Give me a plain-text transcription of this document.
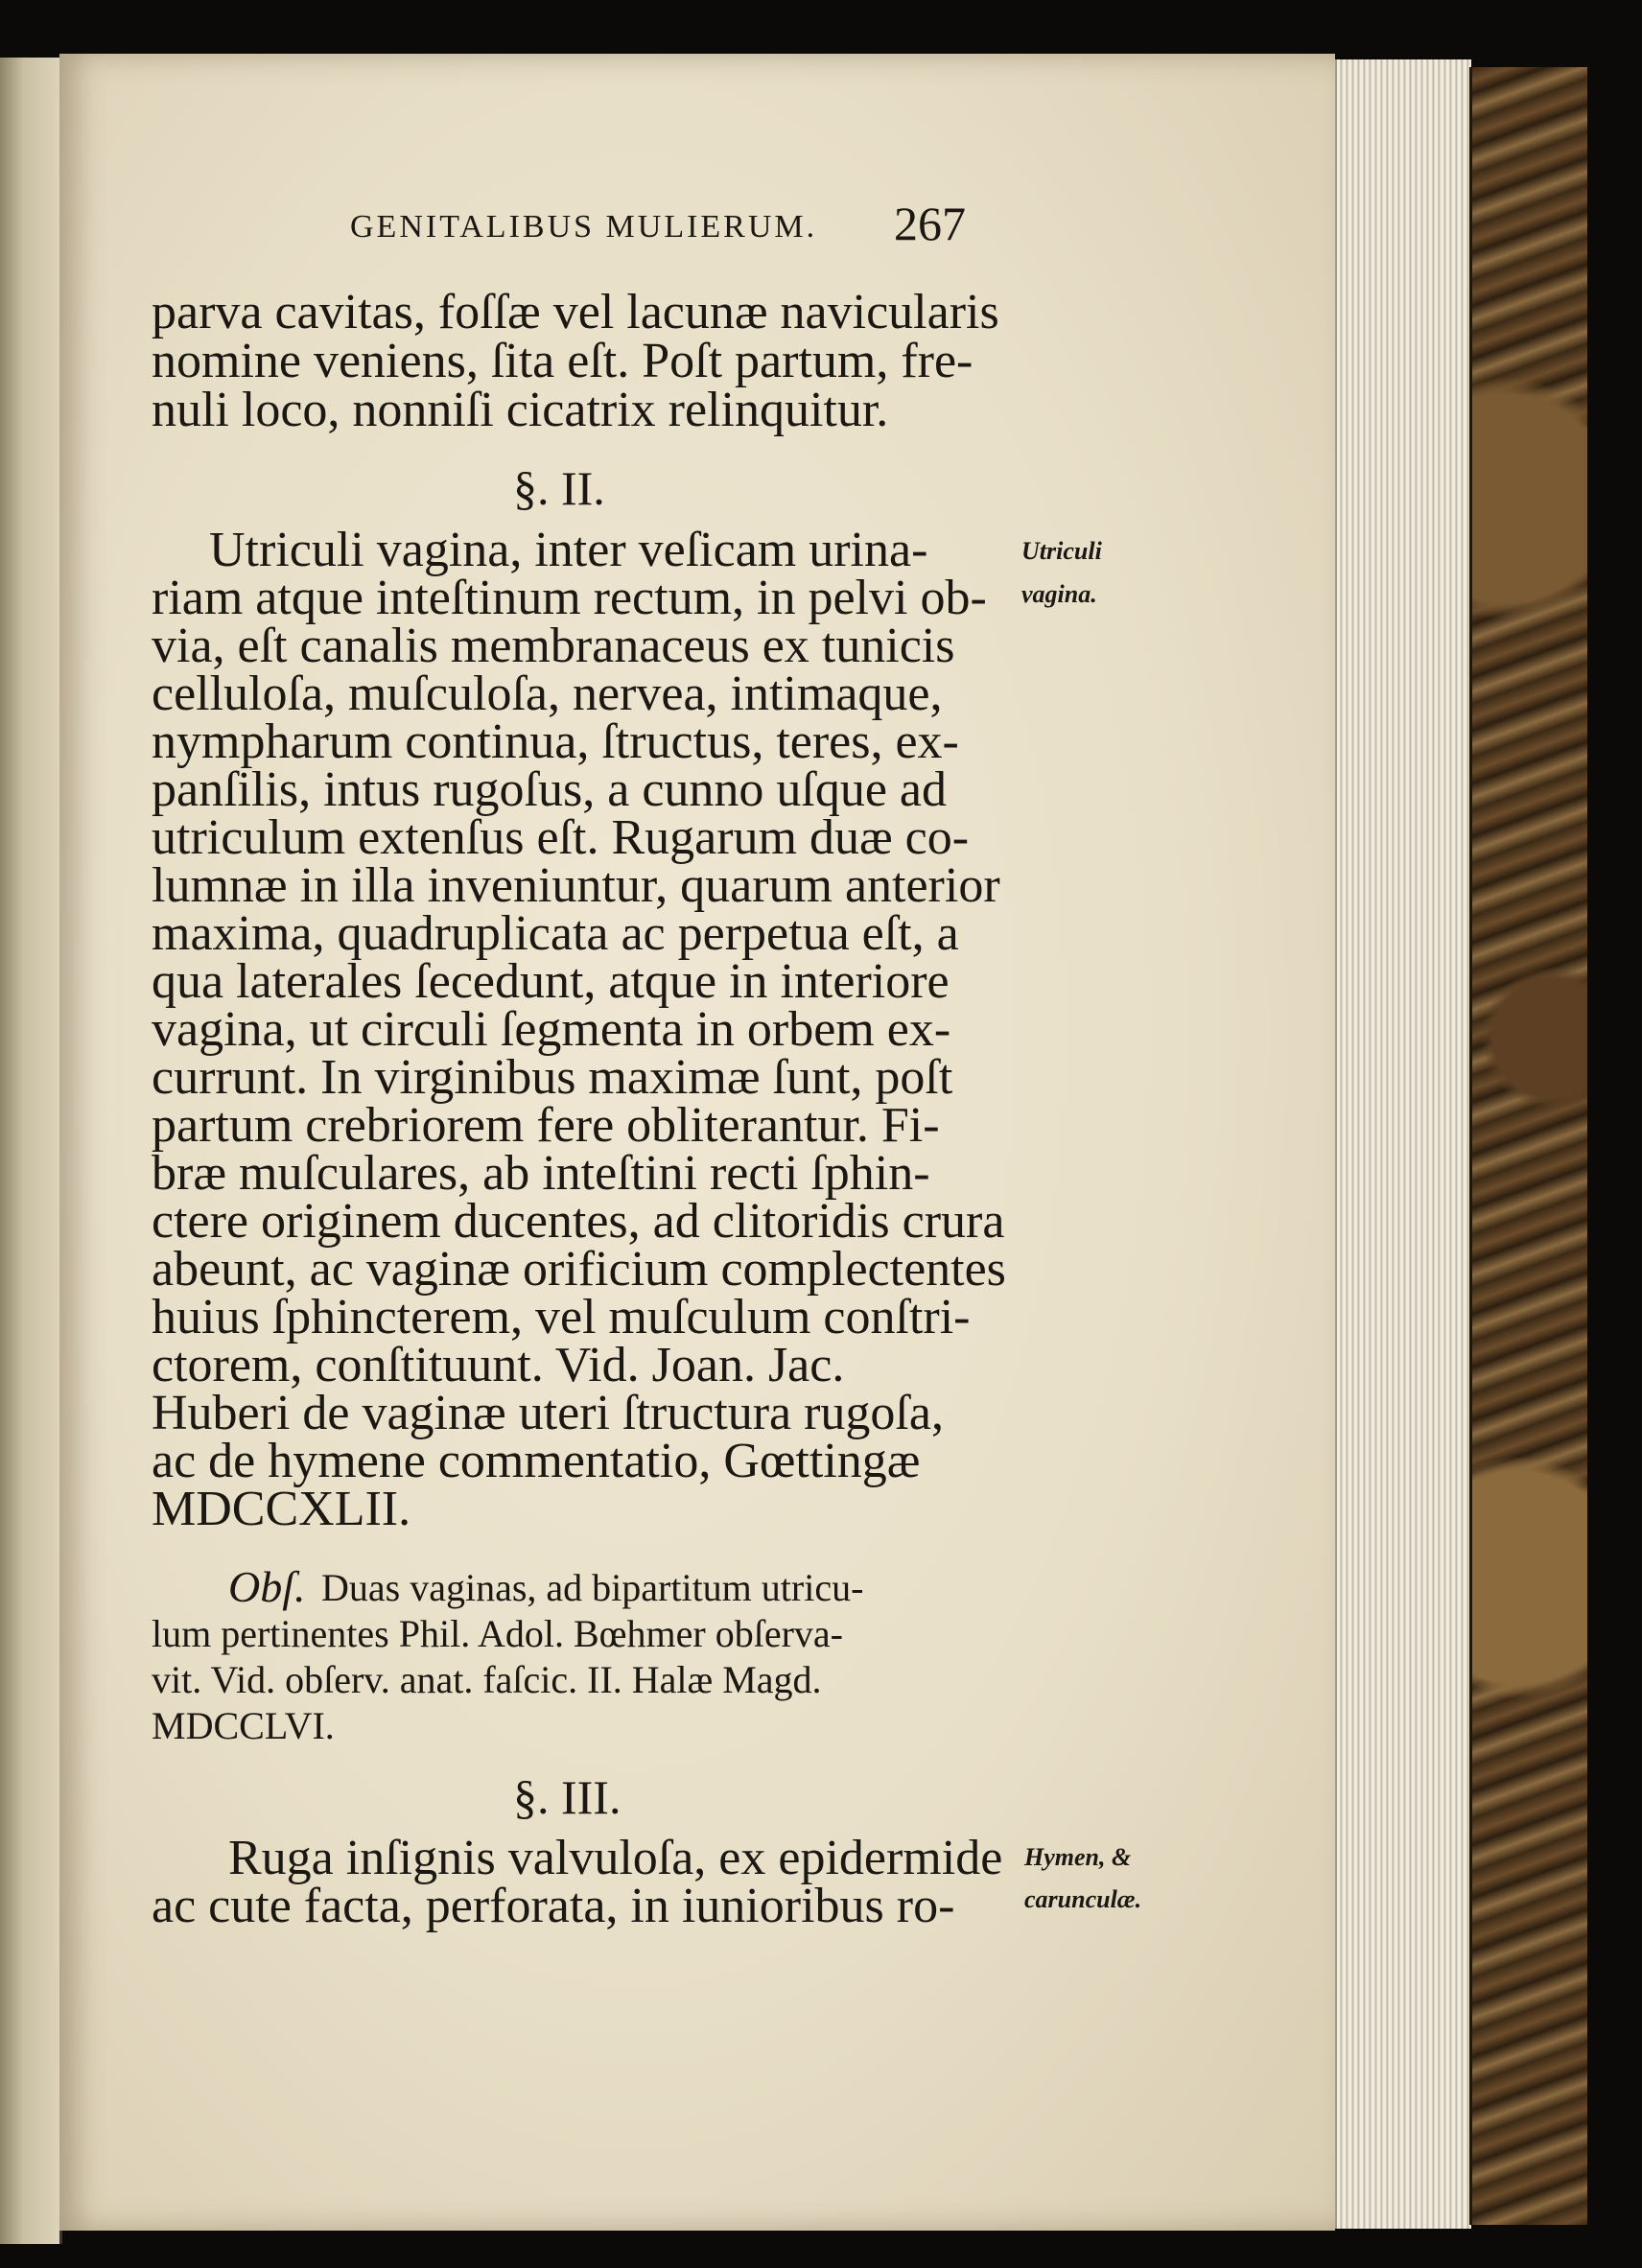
GENITALIBUS MULIERUM. 267
parva cavitas, foſſæ vel lacunæ navicularis
nomine veniens, ſita eſt. Poſt partum, fre-
nuli loco, nonniſi cicatrix relinquitur.
§. II.
Utriculi vagina, inter veſicam urina-
riam atque inteſtinum rectum, in pelvi ob-
via, eſt canalis membranaceus ex tunicis
celluloſa, muſculoſa, nervea, intimaque,
nympharum continua, ſtructus, teres, ex-
panſilis, intus rugoſus, a cunno uſque ad
utriculum extenſus eſt. Rugarum duæ co-
lumnæ in illa inveniuntur, quarum anterior
maxima, quadruplicata ac perpetua eſt, a
qua laterales ſecedunt, atque in interiore
vagina, ut circuli ſegmenta in orbem ex-
currunt. In virginibus maximæ ſunt, poſt
partum crebriorem fere obliterantur. Fi-
bræ muſculares, ab inteſtini recti ſphin-
ctere originem ducentes, ad clitoridis crura
abeunt, ac vaginæ orificium complectentes
huius ſphincterem, vel muſculum conſtri-
ctorem, conſtituunt. Vid. Joan. Jac.
Huberi de vaginæ uteri ſtructura rugoſa,
ac de hymene commentatio, Gœttingæ
MDCCXLII.
Obſ. Duas vaginas, ad bipartitum utricu-
lum pertinentes Phil. Adol. Bœhmer obſerva-
vit. Vid. obſerv. anat. faſcic. II. Halæ Magd.
MDCCLVI.
§. III.
Ruga inſignis valvuloſa, ex epidermide
ac cute facta, perforata, in iunioribus ro-
Utriculi
vagina.
Hymen, &
carunculæ.
